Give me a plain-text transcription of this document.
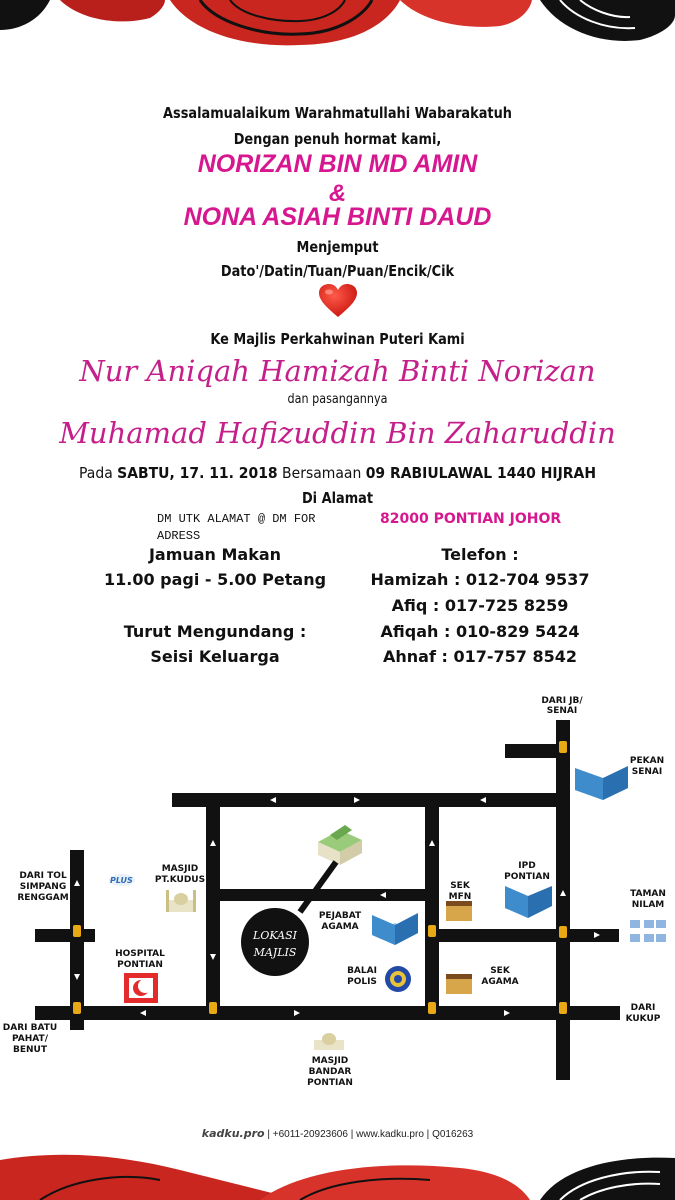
Assalamualaikum Warahmatullahi Wabarakatuh
Dengan penuh hormat kami,
NORIZAN BIN MD AMIN
&
NONA ASIAH BINTI DAUD
Menjemput
Dato'/Datin/Tuan/Puan/Encik/Cik
Ke Majlis Perkahwinan Puteri Kami
Nur Aniqah Hamizah Binti Norizan
dan pasangannya
Muhamad Hafizuddin Bin Zaharuddin
Pada SABTU, 17. 11. 2018 Bersamaan 09 RABIULAWAL 1440 HIJRAH
Di Alamat
DM UTK ALAMAT @ DM FOR
ADRESS
82000 PONTIAN JOHOR
Jamuan Makan
11.00 pagi - 5.00 Petang
Turut Mengundang :
Seisi Keluarga
Telefon :
Hamizah : 012-704 9537
Afiq : 017-725 8259
Afiqah : 010-829 5424
Ahnaf : 017-757 8542
PLUS
DARI JB/
SENAI
PEKAN
SENAI
DARI TOL
SIMPANG
RENGGAM
MASJID
PT.KUDUS
SEK
MFN
IPD
PONTIAN
TAMAN
NILAM
HOSPITAL
PONTIAN
PEJABAT
AGAMA
LOKASI
MAJLIS
BALAI
POLIS
SEK
AGAMA
DARI
KUKUP
DARI BATU
PAHAT/
BENUT
MASJID
BANDAR
PONTIAN
kadku.pro | +6011-20923606 | www.kadku.pro | Q016263
